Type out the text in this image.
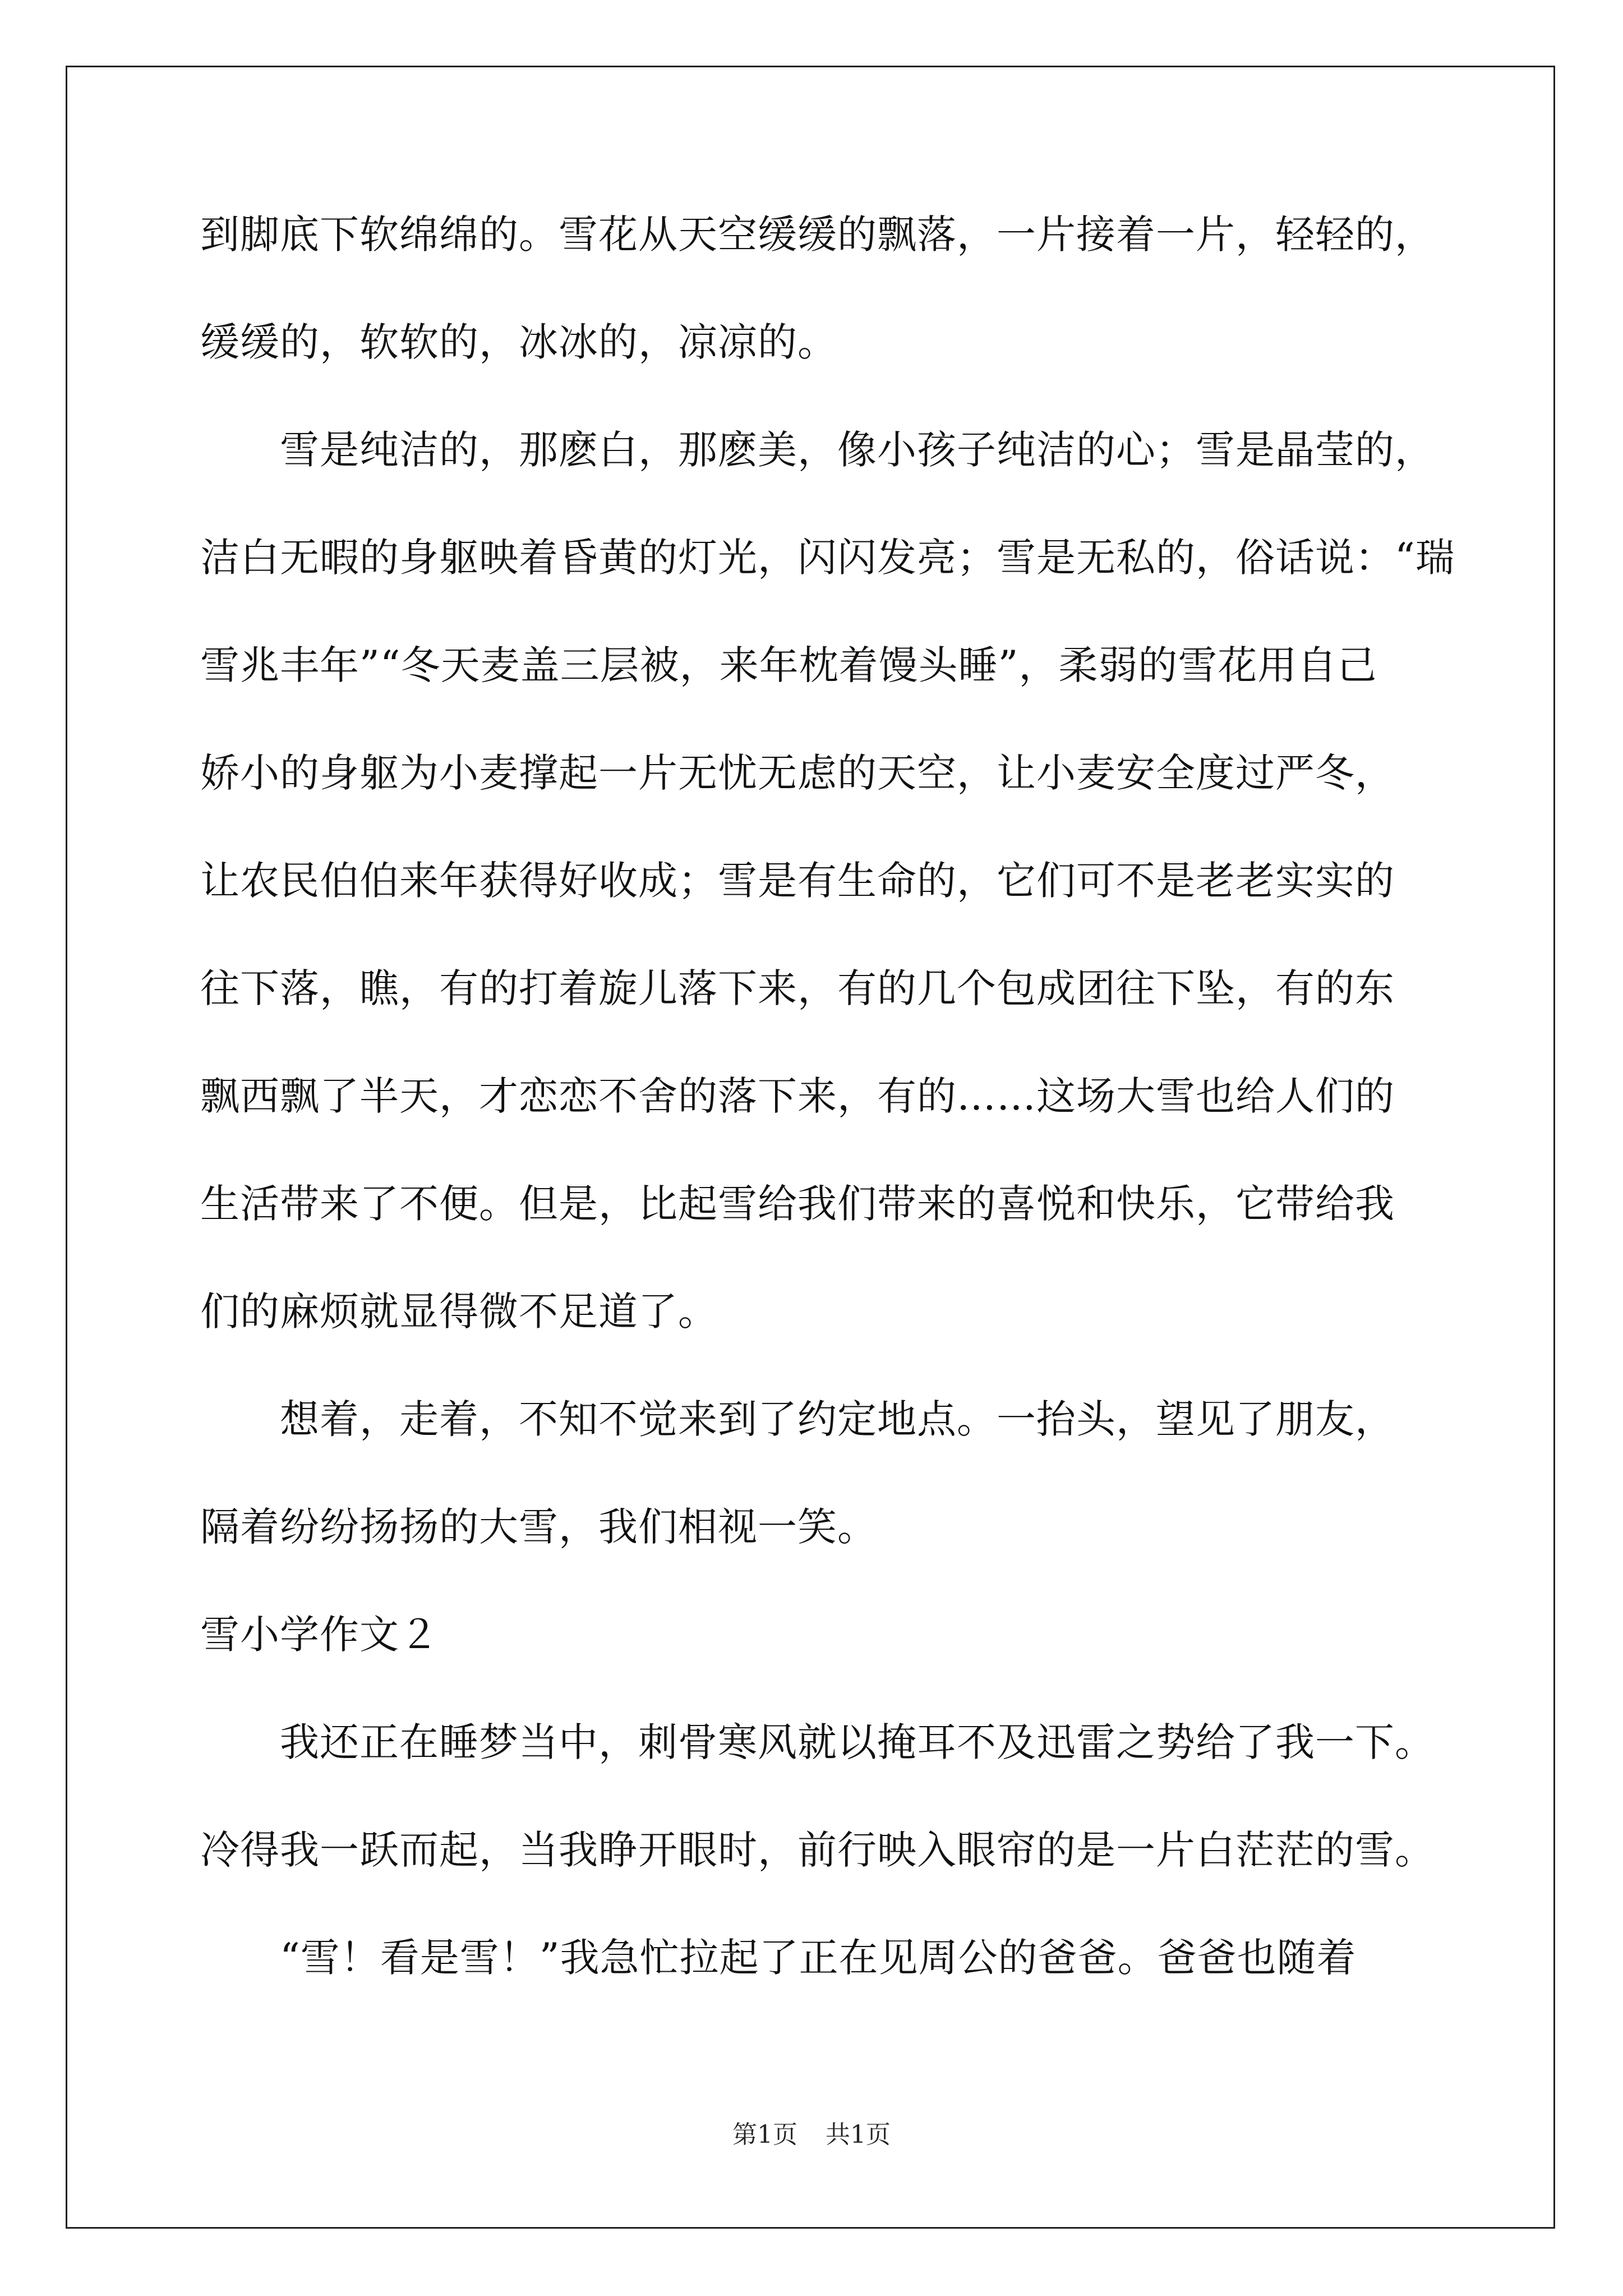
到脚底下软绵绵的。雪花从天空缓缓的飘落，一片接着一片，轻轻的，
缓缓的，软软的，冰冰的，凉凉的。
　　雪是纯洁的，那麽白，那麽美，像小孩子纯洁的心；雪是晶莹的，
洁白无暇的身躯映着昏黄的灯光，闪闪发亮；雪是无私的，俗话说：“瑞
雪兆丰年”“冬天麦盖三层被，来年枕着馒头睡”，柔弱的雪花用自己
娇小的身躯为小麦撑起一片无忧无虑的天空，让小麦安全度过严冬，
让农民伯伯来年获得好收成；雪是有生命的，它们可不是老老实实的
往下落，瞧，有的打着旋儿落下来，有的几个包成团往下坠，有的东
飘西飘了半天，才恋恋不舍的落下来，有的……这场大雪也给人们的
生活带来了不便。但是，比起雪给我们带来的喜悦和快乐，它带给我
们的麻烦就显得微不足道了。
　　想着，走着，不知不觉来到了约定地点。一抬头，望见了朋友，
隔着纷纷扬扬的大雪，我们相视一笑。
雪小学作文２
　　我还正在睡梦当中，刺骨寒风就以掩耳不及迅雷之势给了我一下。
冷得我一跃而起，当我睁开眼时，前行映入眼帘的是一片白茫茫的雪。
　　“雪！看是雪！”我急忙拉起了正在见周公的爸爸。爸爸也随着
第1页 共1页
